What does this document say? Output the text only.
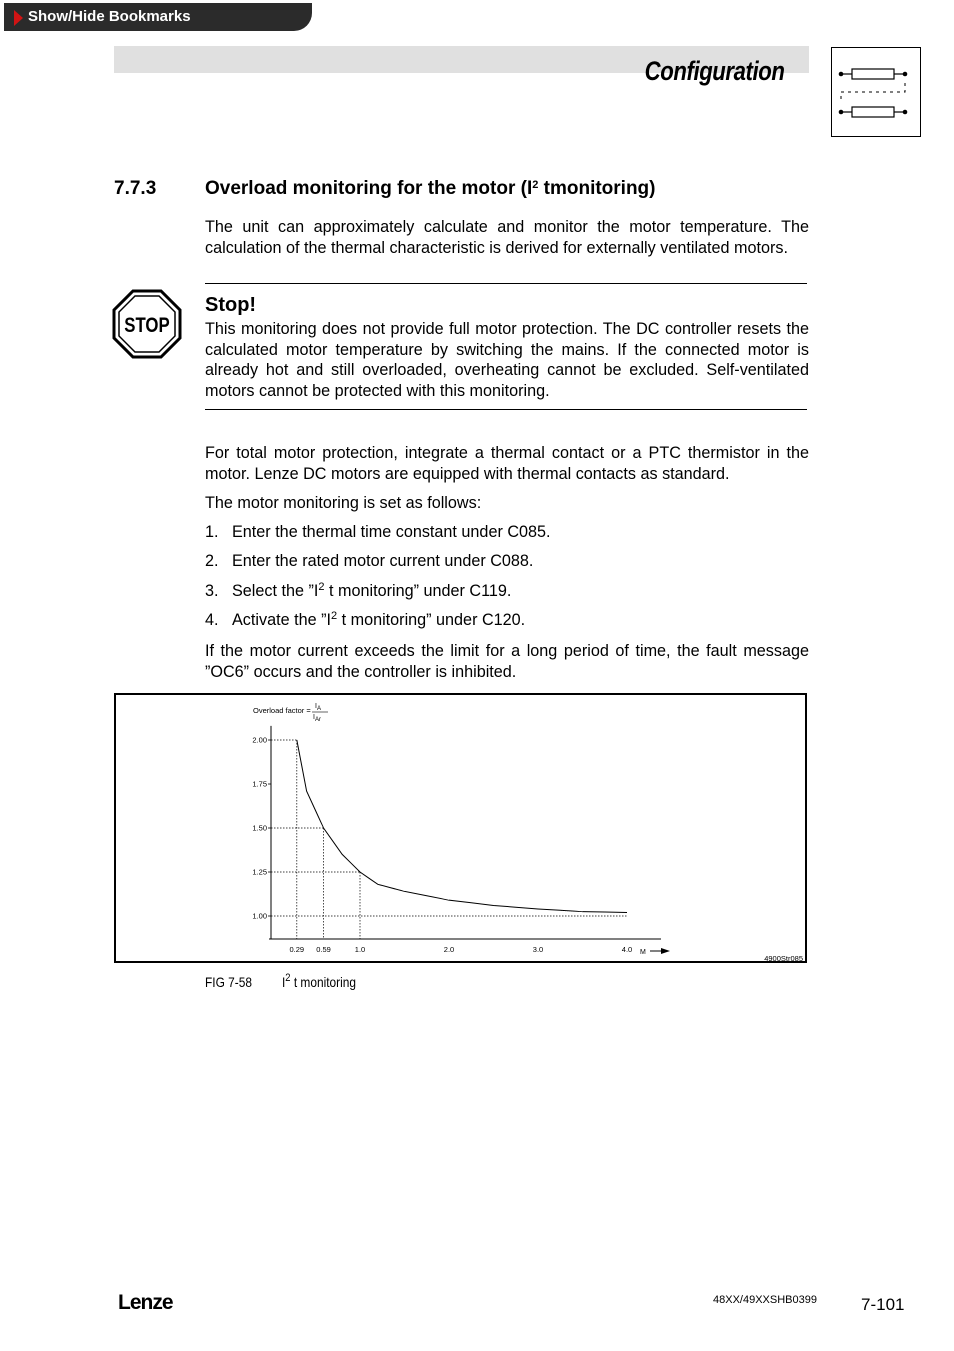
Show/Hide Bookmarks
Configuration
7.7.3	Overload monitoring for the motor ($I^2$ tmonitoring)
The unit can approximately calculate and monitor the motor temperature. The calculation of the thermal characteristic is derived for externally ventilated motors.
STOP
Stop!
This monitoring does not provide full motor protection. The DC controller resets the calculated motor temperature by switching the mains. If the connected motor is already hot and still overloaded, overheating cannot be excluded. Self-ventilated motors cannot be protected with this monitoring.
For total motor protection, integrate a thermal contact or a PTC thermistor in the motor. Lenze DC motors are equipped with thermal contacts as standard.
The motor monitoring is set as follows:
1. Enter the thermal time constant under C085.
2. Enter the rated motor current under C088.
3. Select the $”I^2$ t monitoring” under C119.
4. Activate the $”I^2$ t monitoring” under C120.
If the motor current exceeds the limit for a long period of time, the fault message ”OC6” occurs and the controller is inhibited.
Overload factor = IA
IAr
4900Str085
M
1.00
1.25
1.50
1.75
2.00
0.29 0.59	1.0	2.0	3.0	4.0
FIG 7-58 $I^2$ t monitoring
Lenze	48XX/49XXSHB0399	7-101
